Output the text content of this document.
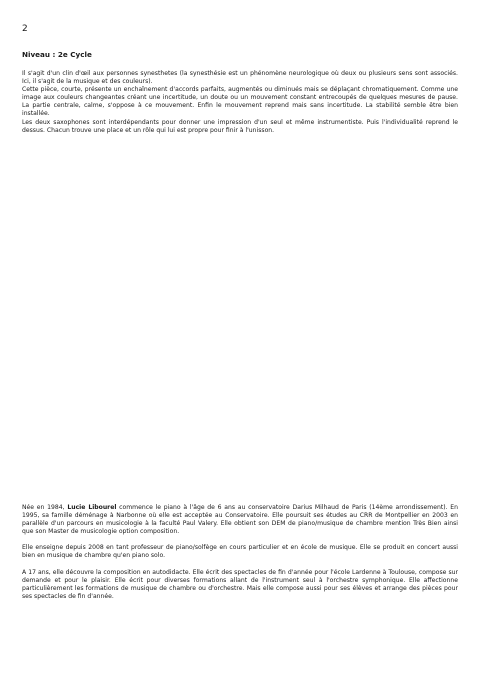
2
Niveau : 2e Cycle

Il s'agit d'un clin d'œil aux personnes synesthetes (la synesthésie est un phénomène neurologique où deux ou plusieurs sens sont associés. Ici, il s'agit de la musique et des couleurs).

Cette pièce, courte, présente un enchaînement d'accords parfaits, augmentés ou diminués mais se déplaçant chromatiquement. Comme une image aux couleurs changeantes créant une incertitude, un doute ou un mouvement constant entrecoupés de quelques mesures de pause. La partie centrale, calme, s'oppose à ce mouvement. Enfin le mouvement reprend mais sans incertitude. La stabilité semble être bien installée.

Les deux saxophones sont interdépendants pour donner une impression d'un seul et même instrumentiste. Puis l'individualité reprend le dessus. Chacun trouve une place et un rôle qui lui est propre pour finir à l'unisson.

Née en 1984, Lucie Libourel commence le piano à l'âge de 6 ans au conservatoire Darius Milhaud de Paris (14ème arrondissement). En 1995, sa famille déménage à Narbonne où elle est acceptée au Conservatoire. Elle poursuit ses études au CRR de Montpellier en 2003 en parallèle d'un parcours en musicologie à la faculté Paul Valery. Elle obtient son DEM de piano/musique de chambre mention Très Bien ainsi que son Master de musicologie option composition.

Elle enseigne depuis 2008 en tant professeur de piano/solfège en cours particulier et en école de musique. Elle se produit en concert aussi bien en musique de chambre qu'en piano solo.

A 17 ans, elle découvre la composition en autodidacte. Elle écrit des spectacles de fin d'année pour l'école Lardenne à Toulouse, compose sur demande et pour le plaisir. Elle écrit pour diverses formations allant de l'instrument seul à l'orchestre symphonique. Elle affectionne particulièrement les formations de musique de chambre ou d'orchestre. Mais elle compose aussi pour ses élèves et arrange des pièces pour ses spectacles de fin d'année.
